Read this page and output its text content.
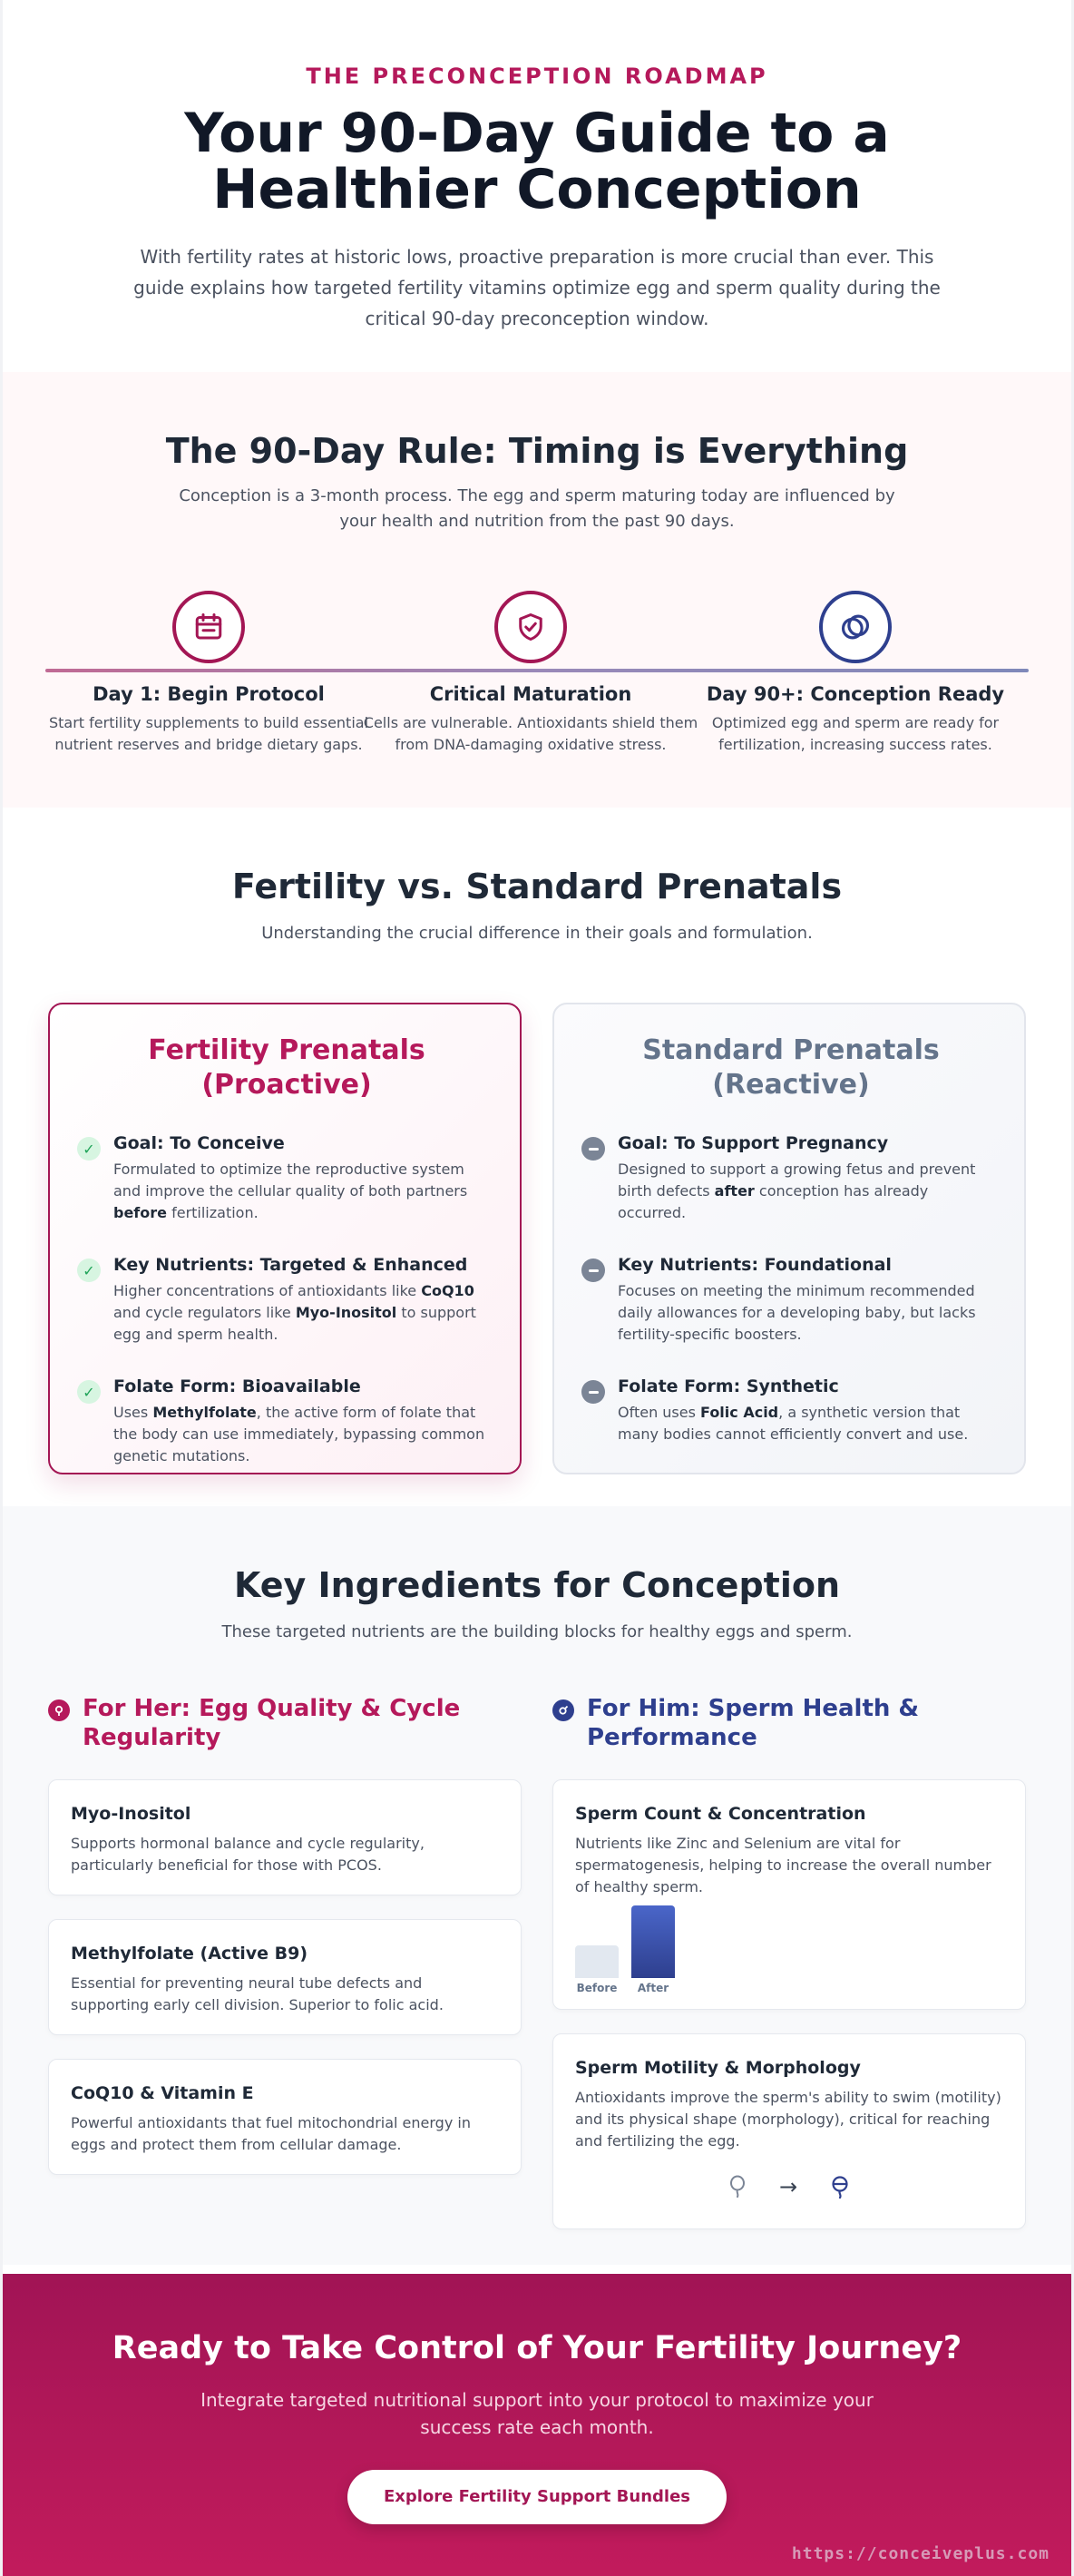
THE PRECONCEPTION ROADMAP
Your 90-Day Guide to a
Healthier Conception

With fertility rates at historic lows, proactive preparation is more crucial than ever. This guide explains how targeted fertility vitamins optimize egg and sperm quality during the critical 90-day preconception window.

The 90-Day Rule: Timing is Everything

Conception is a 3-month process. The egg and sperm maturing today are influenced by your health and nutrition from the past 90 days.

Day 1: Begin Protocol
Start fertility supplements to build essential nutrient reserves and bridge dietary gaps.
Critical Maturation
Cells are vulnerable. Antioxidants shield them from DNA-damaging oxidative stress.
Day 90+: Conception Ready
Optimized egg and sperm are ready for fertilization, increasing success rates.
Fertility vs. Standard Prenatals

Understanding the crucial difference in their goals and formulation.

Fertility Prenatals
(Proactive)
✓	Goal: To Conceive
Formulated to optimize the reproductive system and improve the cellular quality of both partners before fertilization.
✓	Key Nutrients: Targeted & Enhanced
Higher concentrations of antioxidants like CoQ10 and cycle regulators like Myo-Inositol to support egg and sperm health.
✓	Folate Form: Bioavailable
Uses Methylfolate, the active form of folate that the body can use immediately, bypassing common genetic mutations.
Standard Prenatals
(Reactive)
Goal: To Support Pregnancy
Designed to support a growing fetus and prevent birth defects after conception has already occurred.
Key Nutrients: Foundational
Focuses on meeting the minimum recommended daily allowances for a developing baby, but lacks fertility-specific boosters.
Folate Form: Synthetic
Often uses Folic Acid, a synthetic version that many bodies cannot efficiently convert and use.
Key Ingredients for Conception

These targeted nutrients are the building blocks for healthy eggs and sperm.

For Her: Egg Quality & Cycle
Regularity
Myo-Inositol
Supports hormonal balance and cycle regularity, particularly beneficial for those with PCOS.
Methylfolate (Active B9)
Essential for preventing neural tube defects and supporting early cell division. Superior to folic acid.
CoQ10 & Vitamin E
Powerful antioxidants that fuel mitochondrial energy in eggs and protect them from cellular damage.
For Him: Sperm Health &
Performance
Sperm Count & Concentration
Nutrients like Zinc and Selenium are vital for spermatogenesis, helping to increase the overall number of healthy sperm.
Before After
Sperm Motility & Morphology
Antioxidants improve the sperm's ability to swim (motility) and its physical shape (morphology), critical for reaching and fertilizing the egg.
→
Ready to Take Control of Your Fertility Journey?

Integrate targeted nutritional support into your protocol to maximize your success rate each month.

Explore Fertility Support Bundles
https://conceiveplus.com
